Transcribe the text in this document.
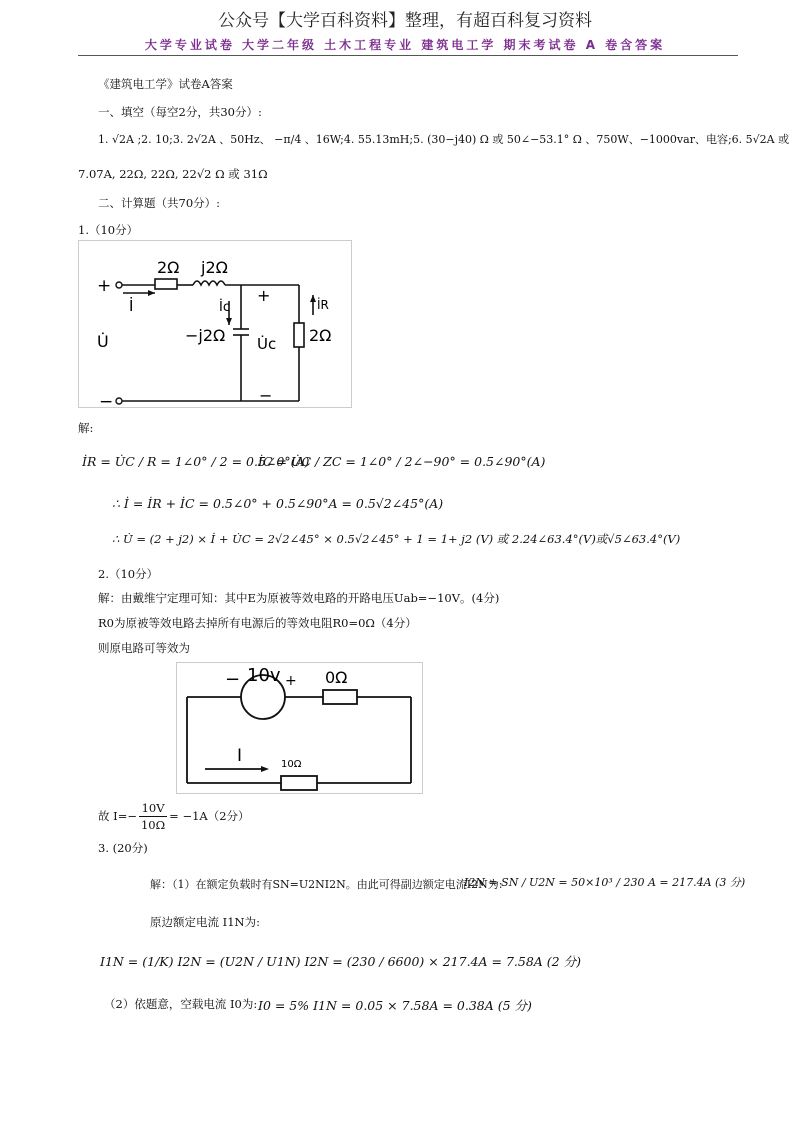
公众号【大学百科资料】整理，有超百科复习资料
大学专业试卷 大学二年级 土木工程专业 建筑电工学 期末考试卷 A 卷含答案
《建筑电工学》试卷A答案
一、填空（每空2分，共30分）:
1. √2A ;2. 10;3. 2√2A 、50Hz、 −π/4 、16W;4. 55.13mH;5. (30−j40) Ω 或 50∠−53.1° Ω 、750W、−1000var、电容;6. 5√2A 或
7.07A, 22Ω, 22Ω, 22√2 Ω 或 31Ω
二、计算题（共70分）:
1.（10分）
2Ω j2Ω
−j2Ω	2Ω
+
−
U̇
+
−
U̇c
İ	İc	İR
解:
İR = U̇C / R = 1∠0° / 2 = 0.5∠0°(A)
İC = U̇C / ZC = 1∠0° / 2∠−90° = 0.5∠90°(A)
∴ İ = İR + İC = 0.5∠0° + 0.5∠90°A = 0.5√2∠45°(A)
∴ U̇ = (2 + j2) × İ + U̇C = 2√2∠45° × 0.5√2∠45° + 1 = 1+ j2 (V) 或 2.24∠63.4°(V)或√5∠63.4°(V)
2.（10分）
解：由戴维宁定理可知：其中E为原被等效电路的开路电压Uab=−10V。(4分)
R0为原被等效电路去掉所有电源后的等效电阻R0=0Ω（4分）
则原电路可等效为
− 10v + 0Ω
I	10Ω
故 $I= - \frac{10V}{10\Omega} = -1A(2$分）
3. (20分)
解：（1）在额定负载时有SN=U2NI2N。由此可得副边额定电流I2N为:
I2N = SN / U2N = 50×10³ / 230 A = 217.4A (3 分)
原边额定电流 I1N为:
I1N = (1/K) I2N = (U2N / U1N) I2N = (230 / 6600) × 217.4A = 7.58A (2 分)
（2）依题意，空载电流 I0为: I0 = 5% I1N = 0.05 × 7.58A = 0.38A (5 分)
